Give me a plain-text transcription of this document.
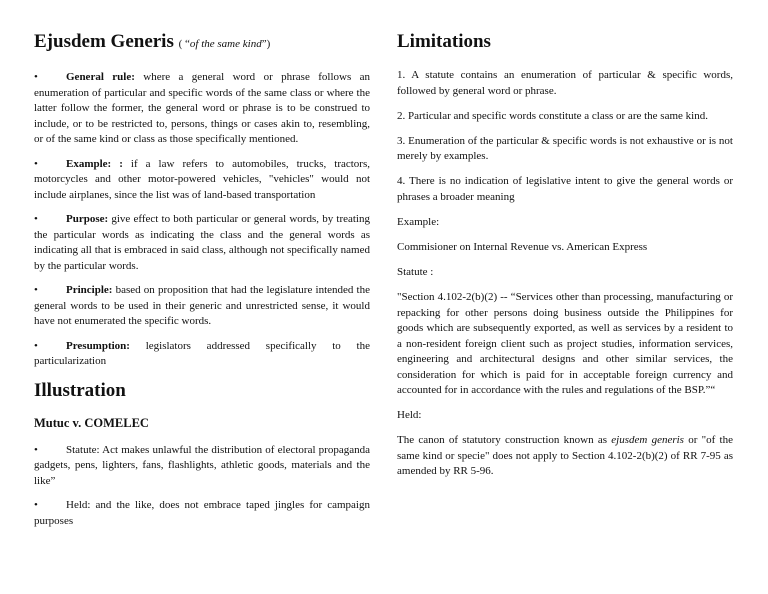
Ejusdem Generis ( “of the same kind”)

•	General rule: where a general word or phrase follows an enumeration of particular and specific words of the same class or where the latter follow the former, the general word or phrase is to be construed to include, or to be restricted to, persons, things or cases akin to, resembling, or of the same kind or class as those specifically mentioned.

•	Example: : if a law refers to automobiles, trucks, tractors, motorcycles and other motor-powered vehicles, "vehicles" would not include airplanes, since the list was of land-based transportation

•	Purpose: give effect to both particular or general words, by treating the particular words as indicating the class and the general words as indicating all that is embraced in said class, although not specifically named by the particular words.

•	Principle: based on proposition that had the legislature intended the general words to be used in their generic and unrestricted sense, it would have not enumerated the specific words.

•	Presumption: legislators addressed specifically to the particularization

Illustration
Mutuc v. COMELEC

•	Statute: Act makes unlawful the distribution of electoral propaganda gadgets, pens, lighters, fans, flashlights, athletic goods, materials and the like”

•	Held: and the like, does not embrace taped jingles for campaign purposes

Limitations

1. A statute contains an enumeration of particular & specific words, followed by general word or phrase.

2. Particular and specific words constitute a class or are the same kind.

3. Enumeration of the particular & specific words is not exhaustive or is not merely by examples.

4. There is no indication of legislative intent to give the general words or phrases a broader meaning

Example:

Commisioner on Internal Revenue vs. American Express

Statute :

"Section 4.102-2(b)(2) -- “Services other than processing, manufacturing or repacking for other persons doing business outside the Philippines for goods which are subsequently exported, as well as services by a resident to a non-resident foreign client such as project studies, information services, engineering and architectural designs and other similar services, the consideration for which is paid for in acceptable foreign currency and accounted for in accordance with the rules and regulations of the BSP.”“

Held:

The canon of statutory construction known as ejusdem generis or "of the same kind or specie" does not apply to Section 4.102-2(b)(2) of RR 7-95 as amended by RR 5-96.
